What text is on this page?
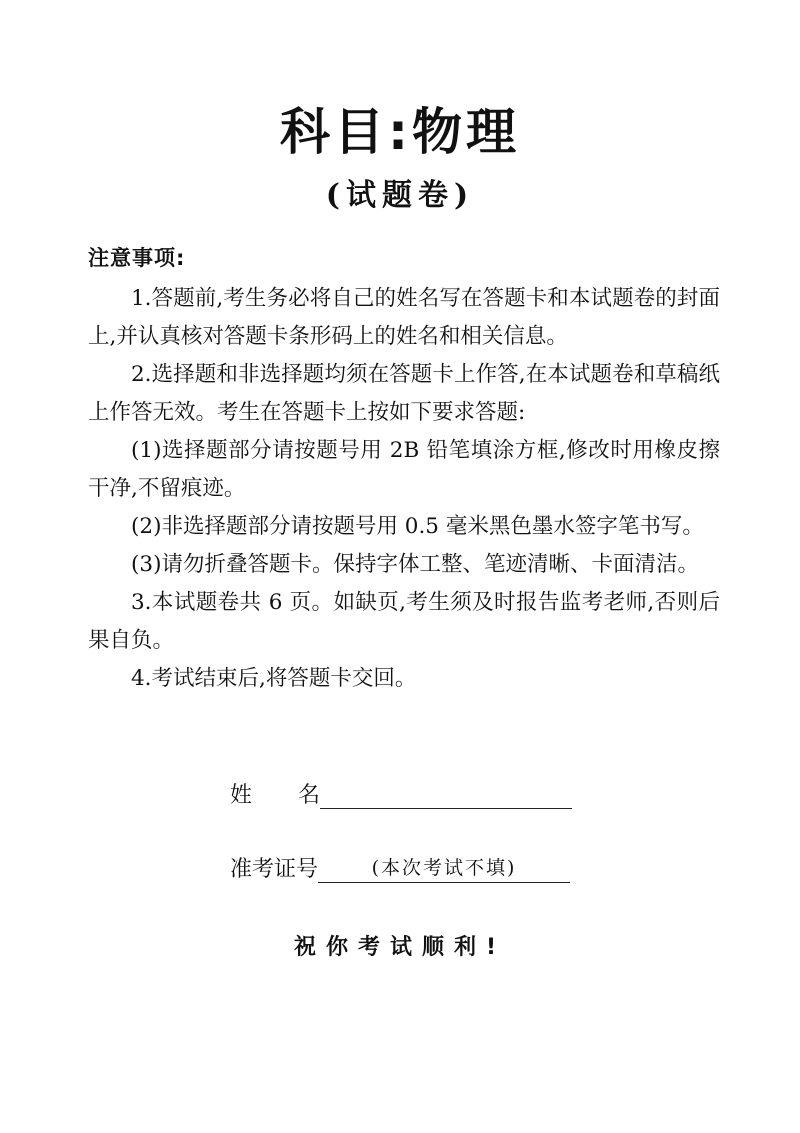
科目:物理
(试题卷)
注意事项:

1.答题前,考生务必将自己的姓名写在答题卡和本试题卷的封面上,并认真核对答题卡条形码上的姓名和相关信息。

2.选择题和非选择题均须在答题卡上作答,在本试题卷和草稿纸上作答无效。考生在答题卡上按如下要求答题:

(1)选择题部分请按题号用 2B 铅笔填涂方框,修改时用橡皮擦干净,不留痕迹。

(2)非选择题部分请按题号用 0.5 毫米黑色墨水签字笔书写。

(3)请勿折叠答题卡。保持字体工整、笔迹清晰、卡面清洁。

3.本试题卷共 6 页。如缺页,考生须及时报告监考老师,否则后果自负。

4.考试结束后,将答题卡交回。

姓名
准考证号	(本次考试不填)

祝你考试顺利!
